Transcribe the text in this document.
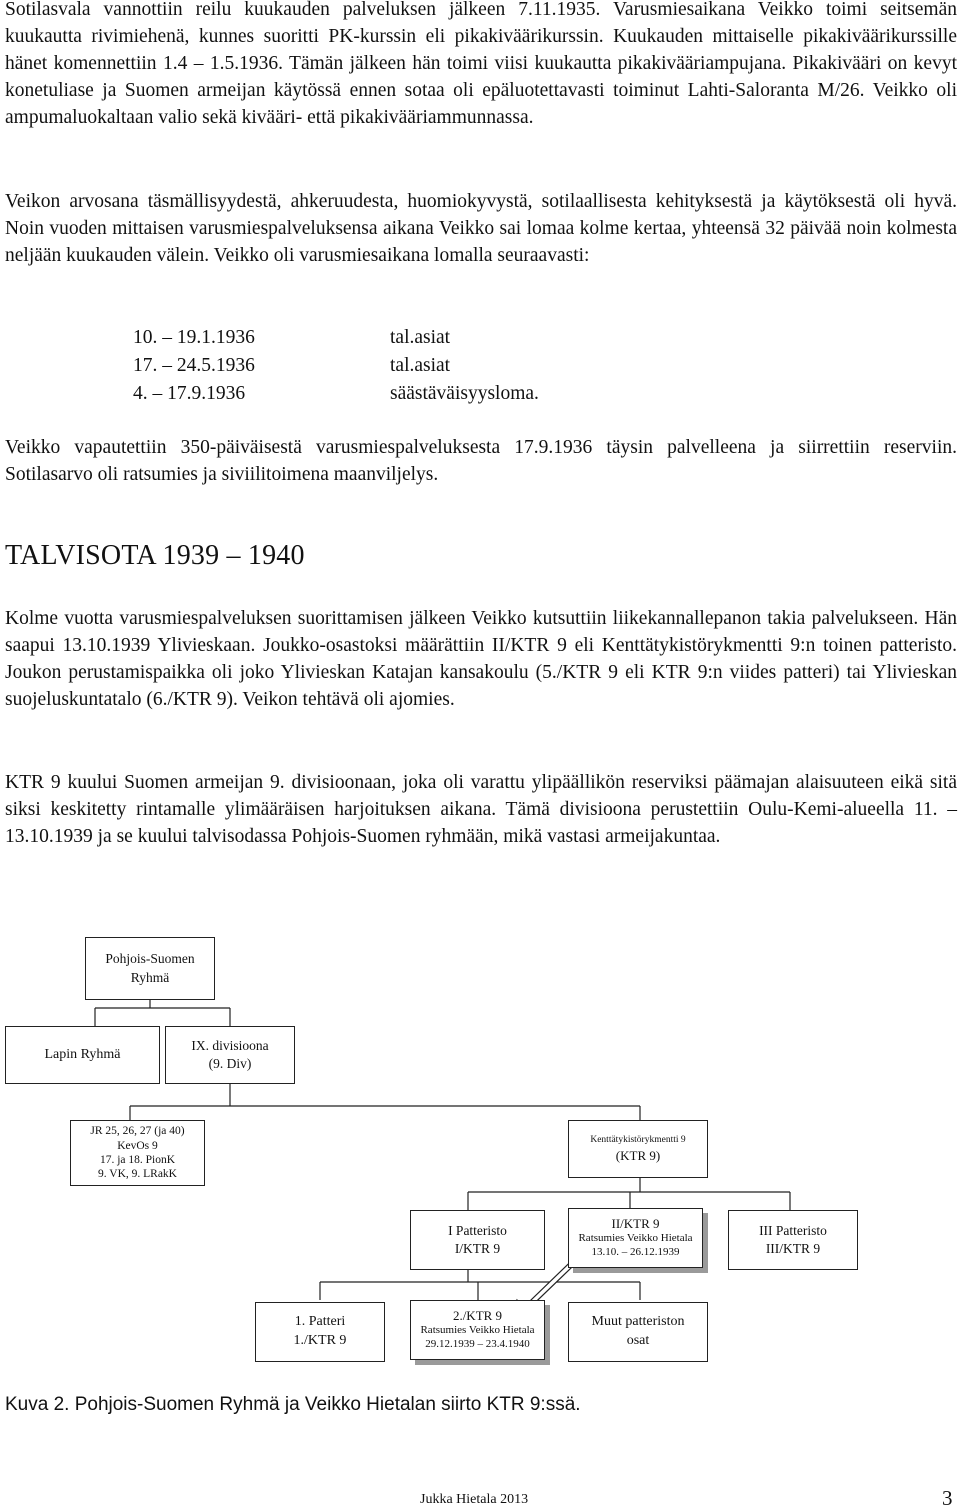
Sotilasvala vannottiin reilu kuukauden palveluksen jälkeen 7.11.1935. Varusmiesaikana Veikko toimi seitsemän kuukautta rivimiehenä, kunnes suoritti PK-kurssin eli pikakiväärikurssin. Kuukauden mittaiselle pikakiväärikurssille hänet komennettiin 1.4 – 1.5.1936. Tämän jälkeen hän toimi viisi kuukautta pikakivääriampujana. Pikakivääri on kevyt konetuliase ja Suomen armeijan käytössä ennen sotaa oli epäluotettavasti toiminut Lahti-Saloranta M/26. Veikko oli ampumaluokaltaan valio sekä kivääri- että pikakivääriammunnassa.

Veikon arvosana täsmällisyydestä, ahkeruudesta, huomiokyvystä, sotilaallisesta kehityksestä ja käytöksestä oli hyvä. Noin vuoden mittaisen varusmiespalveluksensa aikana Veikko sai lomaa kolme kertaa, yhteensä 32 päivää noin kolmesta neljään kuukauden välein. Veikko oli varusmiesaikana lomalla seuraavasti:

10. – 19.1.1936	tal.asiat
17. – 24.5.1936	tal.asiat
4. – 17.9.1936	säästäväisyysloma.

Veikko vapautettiin 350-päiväisestä varusmiespalveluksesta 17.9.1936 täysin palvelleena ja siirrettiin reserviin. Sotilasarvo oli ratsumies ja siviilitoimena maanviljelys.

TALVISOTA 1939 – 1940

Kolme vuotta varusmiespalveluksen suorittamisen jälkeen Veikko kutsuttiin liikekannallepanon takia palvelukseen. Hän saapui 13.10.1939 Ylivieskaan. Joukko-osastoksi määrättiin II/KTR 9 eli Kenttätykistörykmentti 9:n toinen patteristo. Joukon perustamispaikka oli joko Ylivieskan Katajan kansakoulu (5./KTR 9 eli KTR 9:n viides patteri) tai Ylivieskan suojeluskuntatalo (6./KTR 9). Veikon tehtävä oli ajomies.

KTR 9 kuului Suomen armeijan 9. divisioonaan, joka oli varattu ylipäällikön reserviksi päämajan alaisuuteen eikä sitä siksi keskitetty rintamalle ylimääräisen harjoituksen aikana. Tämä divisioona perustettiin Oulu-Kemi-alueella 11. – 13.10.1939 ja se kuului talvisodassa Pohjois-Suomen ryhmään, mikä vastasi armeijakuntaa.

Pohjois-Suomen
Ryhmä
Lapin Ryhmä
IX. divisioona
(9. Div)
JR 25, 26, 27 (ja 40)
KevOs 9
17. ja 18. PionK
9. VK, 9. LRakK
Kenttätykistörykmentti 9
(KTR 9)
I Patteristo
I/KTR 9
II/KTR 9
Ratsumies Veikko Hietala
13.10. – 26.12.1939
III Patteristo
III/KTR 9
1. Patteri
1./KTR 9
2./KTR 9
Ratsumies Veikko Hietala
29.12.1939 – 23.4.1940
Muut patteriston
osat
Kuva 2. Pohjois-Suomen Ryhmä ja Veikko Hietalan siirto KTR 9:ssä.
Jukka Hietala 2013	3
